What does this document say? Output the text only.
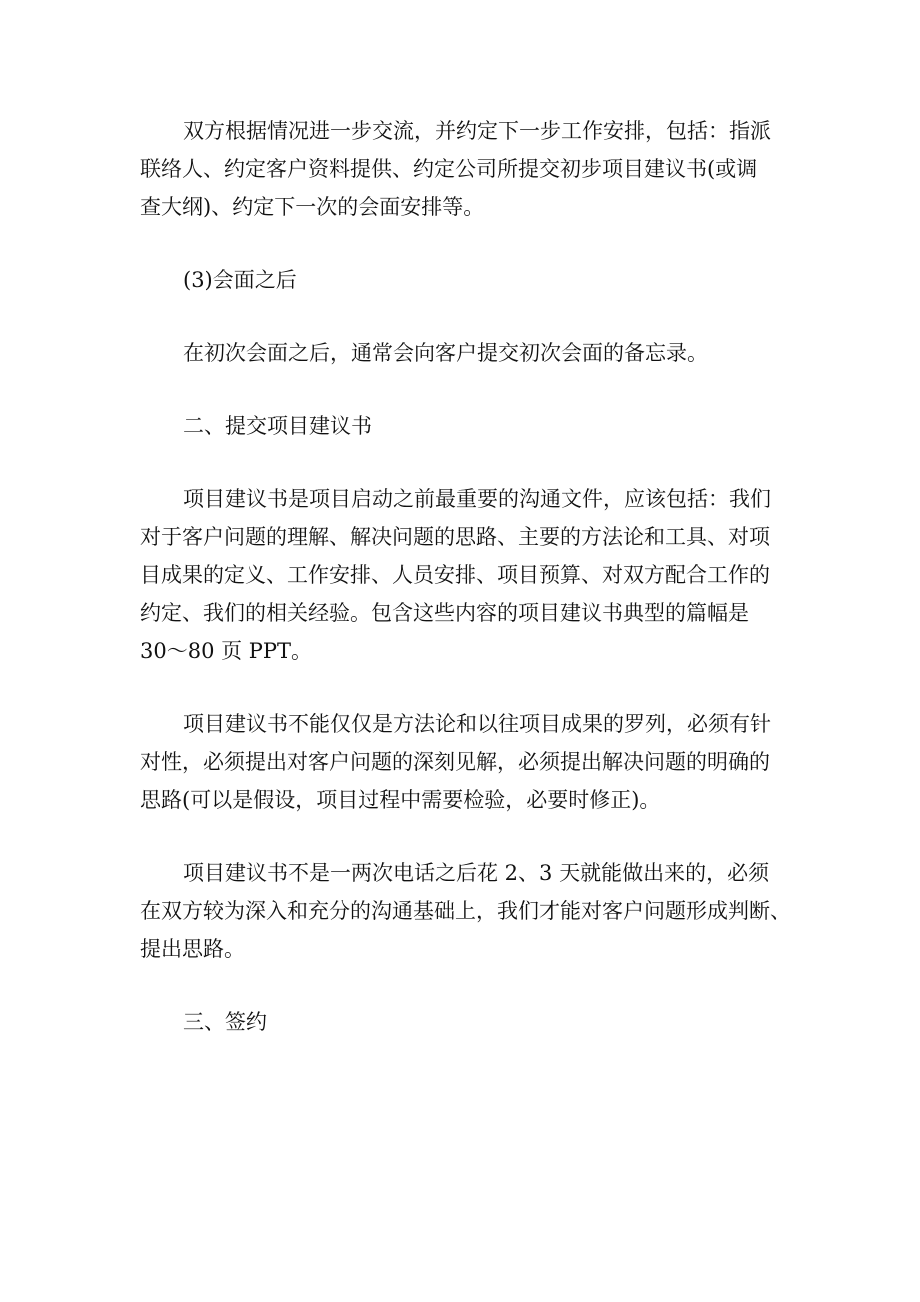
双方根据情况进一步交流，并约定下一步工作安排，包括：指派
联络人、约定客户资料提供、约定公司所提交初步项目建议书(或调
查大纲)、约定下一次的会面安排等。

(3)会面之后

在初次会面之后，通常会向客户提交初次会面的备忘录。

二、提交项目建议书

项目建议书是项目启动之前最重要的沟通文件，应该包括：我们
对于客户问题的理解、解决问题的思路、主要的方法论和工具、对项
目成果的定义、工作安排、人员安排、项目预算、对双方配合工作的
约定、我们的相关经验。包含这些内容的项目建议书典型的篇幅是
30～80 页 PPT。

项目建议书不能仅仅是方法论和以往项目成果的罗列，必须有针
对性，必须提出对客户问题的深刻见解，必须提出解决问题的明确的
思路(可以是假设，项目过程中需要检验，必要时修正)。

项目建议书不是一两次电话之后花 2、3 天就能做出来的，必须
在双方较为深入和充分的沟通基础上，我们才能对客户问题形成判断、
提出思路。

三、签约
